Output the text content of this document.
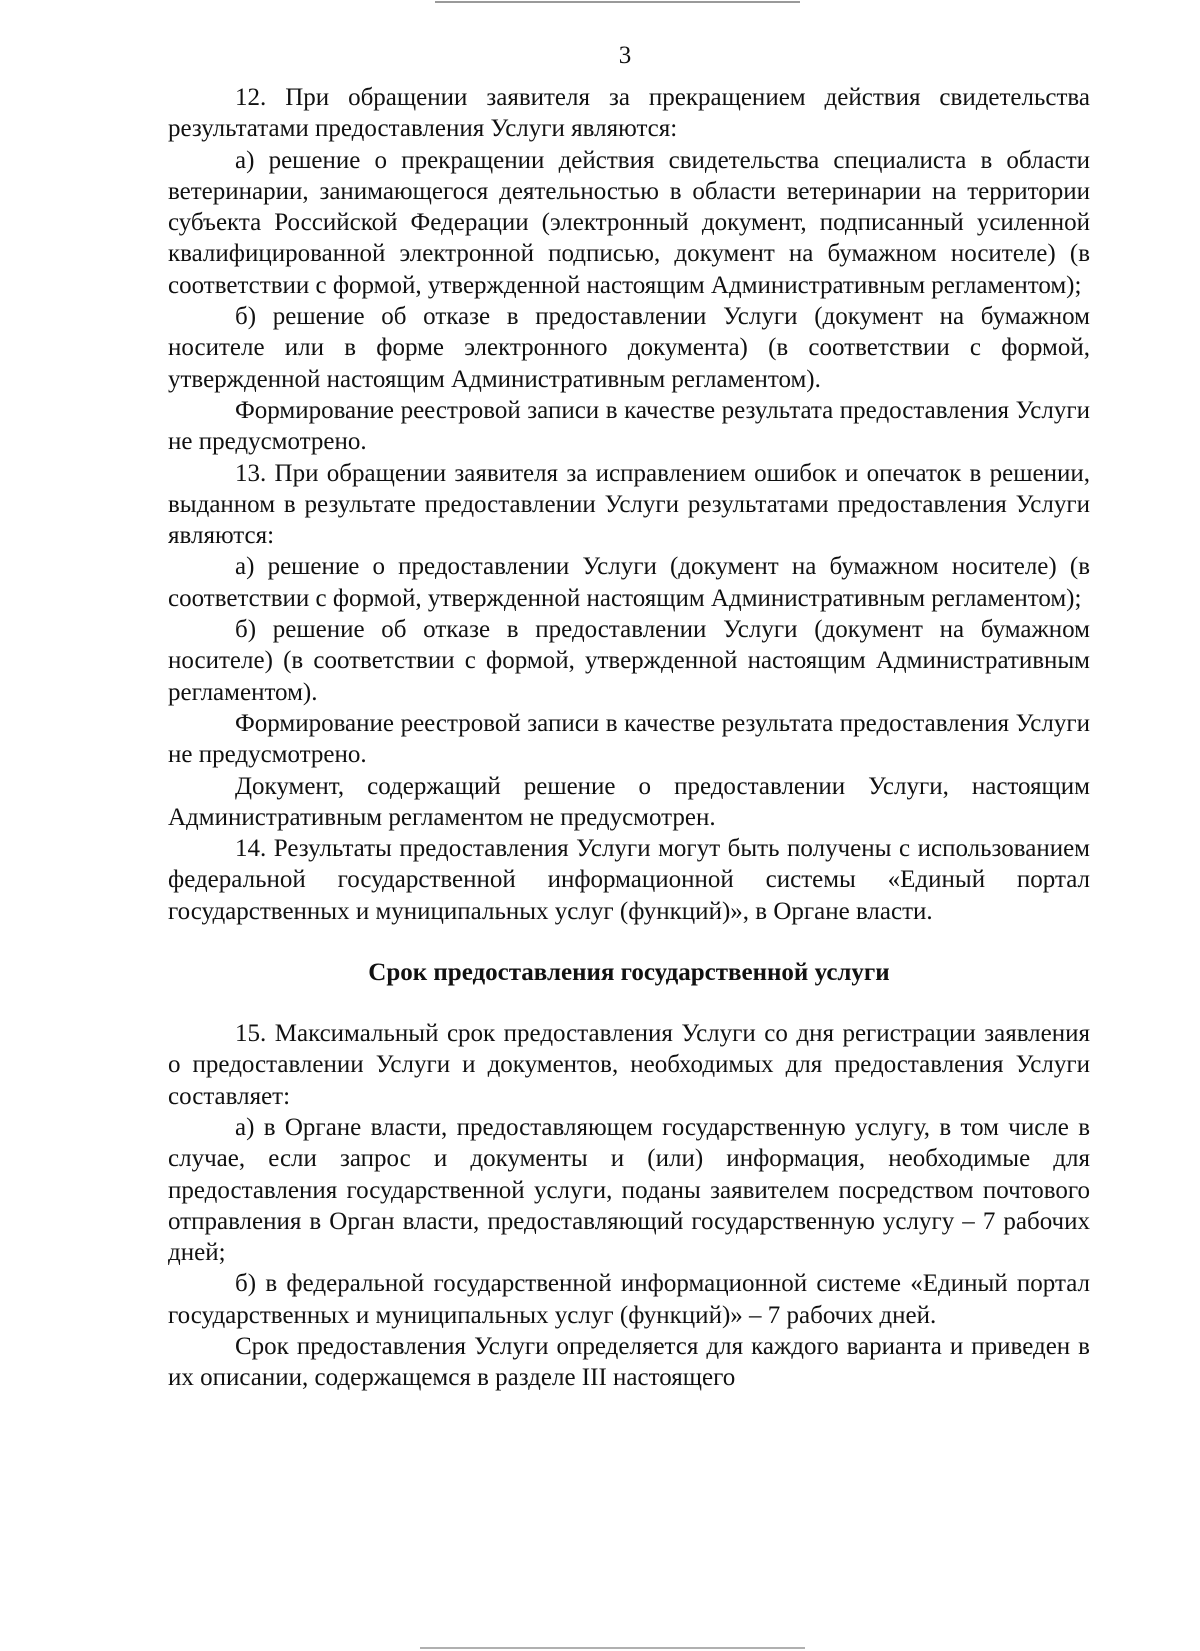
3

12. При обращении заявителя за прекращением действия свидетельства результатами предоставления Услуги являются:

а) решение о прекращении действия свидетельства специалиста в области ветеринарии, занимающегося деятельностью в области ветеринарии на территории субъекта Российской Федерации (электронный документ, подписанный усиленной квалифицированной электронной подписью, документ на бумажном носителе) (в соответствии с формой, утвержденной настоящим Административным регламентом);

б) решение об отказе в предоставлении Услуги (документ на бумажном носителе или в форме электронного документа) (в соответствии с формой, утвержденной настоящим Административным регламентом).

Формирование реестровой записи в качестве результата предоставления Услуги не предусмотрено.

13. При обращении заявителя за исправлением ошибок и опечаток в решении, выданном в результате предоставлении Услуги результатами предоставления Услуги являются:

а) решение о предоставлении Услуги (документ на бумажном носителе) (в соответствии с формой, утвержденной настоящим Административным регламентом);

б) решение об отказе в предоставлении Услуги (документ на бумажном носителе) (в соответствии с формой, утвержденной настоящим Административным регламентом).

Формирование реестровой записи в качестве результата предоставления Услуги не предусмотрено.

Документ, содержащий решение о предоставлении Услуги, настоящим Административным регламентом не предусмотрен.

14. Результаты предоставления Услуги могут быть получены с использованием федеральной государственной информационной системы «Единый портал государственных и муниципальных услуг (функций)», в Органе власти.

Срок предоставления государственной услуги

15. Максимальный срок предоставления Услуги со дня регистрации заявления о предоставлении Услуги и документов, необходимых для предоставления Услуги составляет:

а) в Органе власти, предоставляющем государственную услугу, в том числе в случае, если запрос и документы и (или) информация, необходимые для предоставления государственной услуги, поданы заявителем посредством почтового отправления в Орган власти, предоставляющий государственную услугу – 7 рабочих дней;

б) в федеральной государственной информационной системе «Единый портал государственных и муниципальных услуг (функций)» – 7 рабочих дней.

Срок предоставления Услуги определяется для каждого варианта и приведен в их описании, содержащемся в разделе III настоящего
